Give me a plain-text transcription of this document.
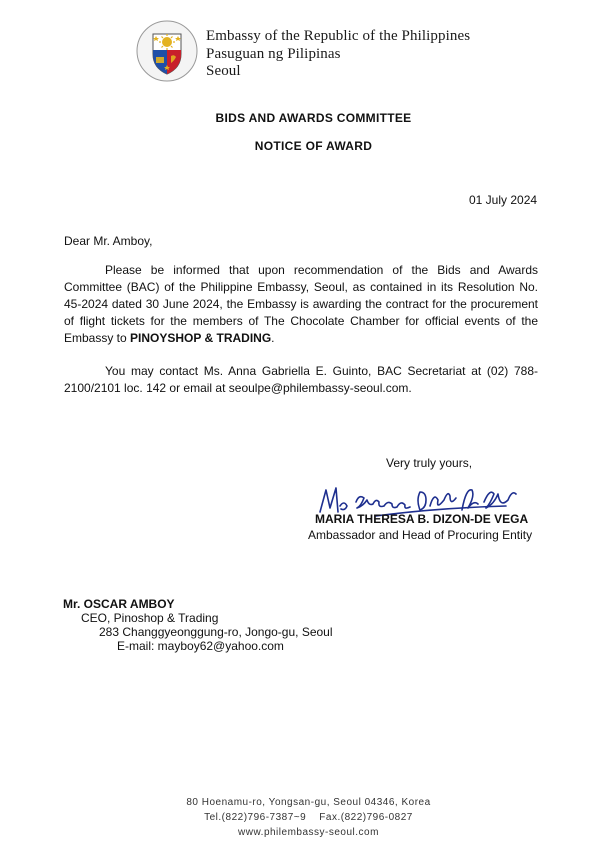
Embassy of the Republic of the Philippines
Pasuguan ng Pilipinas
Seoul
BIDS AND AWARDS COMMITTEE
NOTICE OF AWARD
01 July 2024
Dear Mr. Amboy,
Please be informed that upon recommendation of the Bids and Awards Committee (BAC) of the Philippine Embassy, Seoul, as contained in its Resolution No. 45-2024 dated 30 June 2024, the Embassy is awarding the contract for the procurement of flight tickets for the members of The Chocolate Chamber for official events of the Embassy to PINOYSHOP & TRADING.
You may contact Ms. Anna Gabriella E. Guinto, BAC Secretariat at (02) 788-2100/2101 loc. 142 or email at seoulpe@philembassy-seoul.com.
Very truly yours,
MARIA THERESA B. DIZON-DE VEGA
Ambassador and Head of Procuring Entity
Mr. OSCAR AMBOY
CEO, Pinoshop & Trading
283 Changgyeonggung-ro, Jongo-gu, Seoul
E-mail: mayboy62@yahoo.com
80 Hoenamu-ro, Yongsan-gu, Seoul 04346, Korea
Tel.(822)796-7387~9    Fax.(822)796-0827
www.philembassy-seoul.com
